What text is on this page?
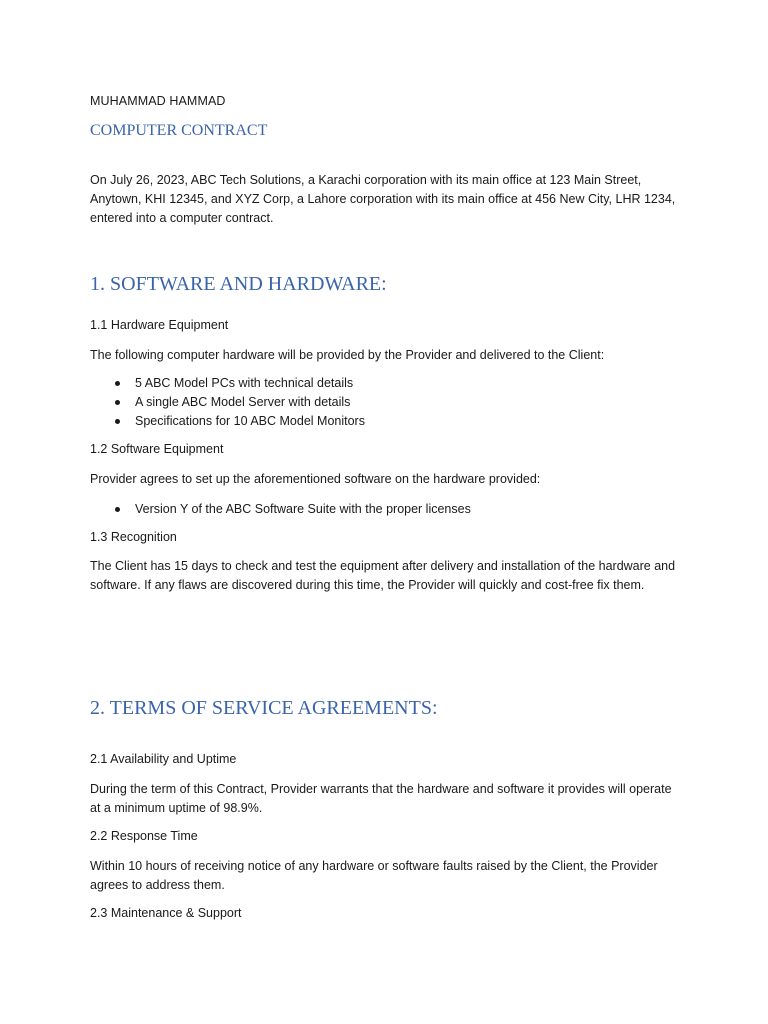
MUHAMMAD HAMMAD
COMPUTER CONTRACT

On July 26, 2023, ABC Tech Solutions, a Karachi corporation with its main office at 123 Main Street, Anytown, KHI 12345, and XYZ Corp, a Lahore corporation with its main office at 456 New City, LHR 1234, entered into a computer contract.

1. SOFTWARE AND HARDWARE:

1.1 Hardware Equipment

The following computer hardware will be provided by the Provider and delivered to the Client:

5 ABC Model PCs with technical details
A single ABC Model Server with details
Specifications for 10 ABC Model Monitors

1.2 Software Equipment

Provider agrees to set up the aforementioned software on the hardware provided:

Version Y of the ABC Software Suite with the proper licenses

1.3 Recognition

The Client has 15 days to check and test the equipment after delivery and installation of the hardware and software. If any flaws are discovered during this time, the Provider will quickly and cost-free fix them.

2. TERMS OF SERVICE AGREEMENTS:

2.1 Availability and Uptime

During the term of this Contract, Provider warrants that the hardware and software it provides will operate at a minimum uptime of 98.9%.

2.2 Response Time

Within 10 hours of receiving notice of any hardware or software faults raised by the Client, the Provider agrees to address them.

2.3 Maintenance & Support
